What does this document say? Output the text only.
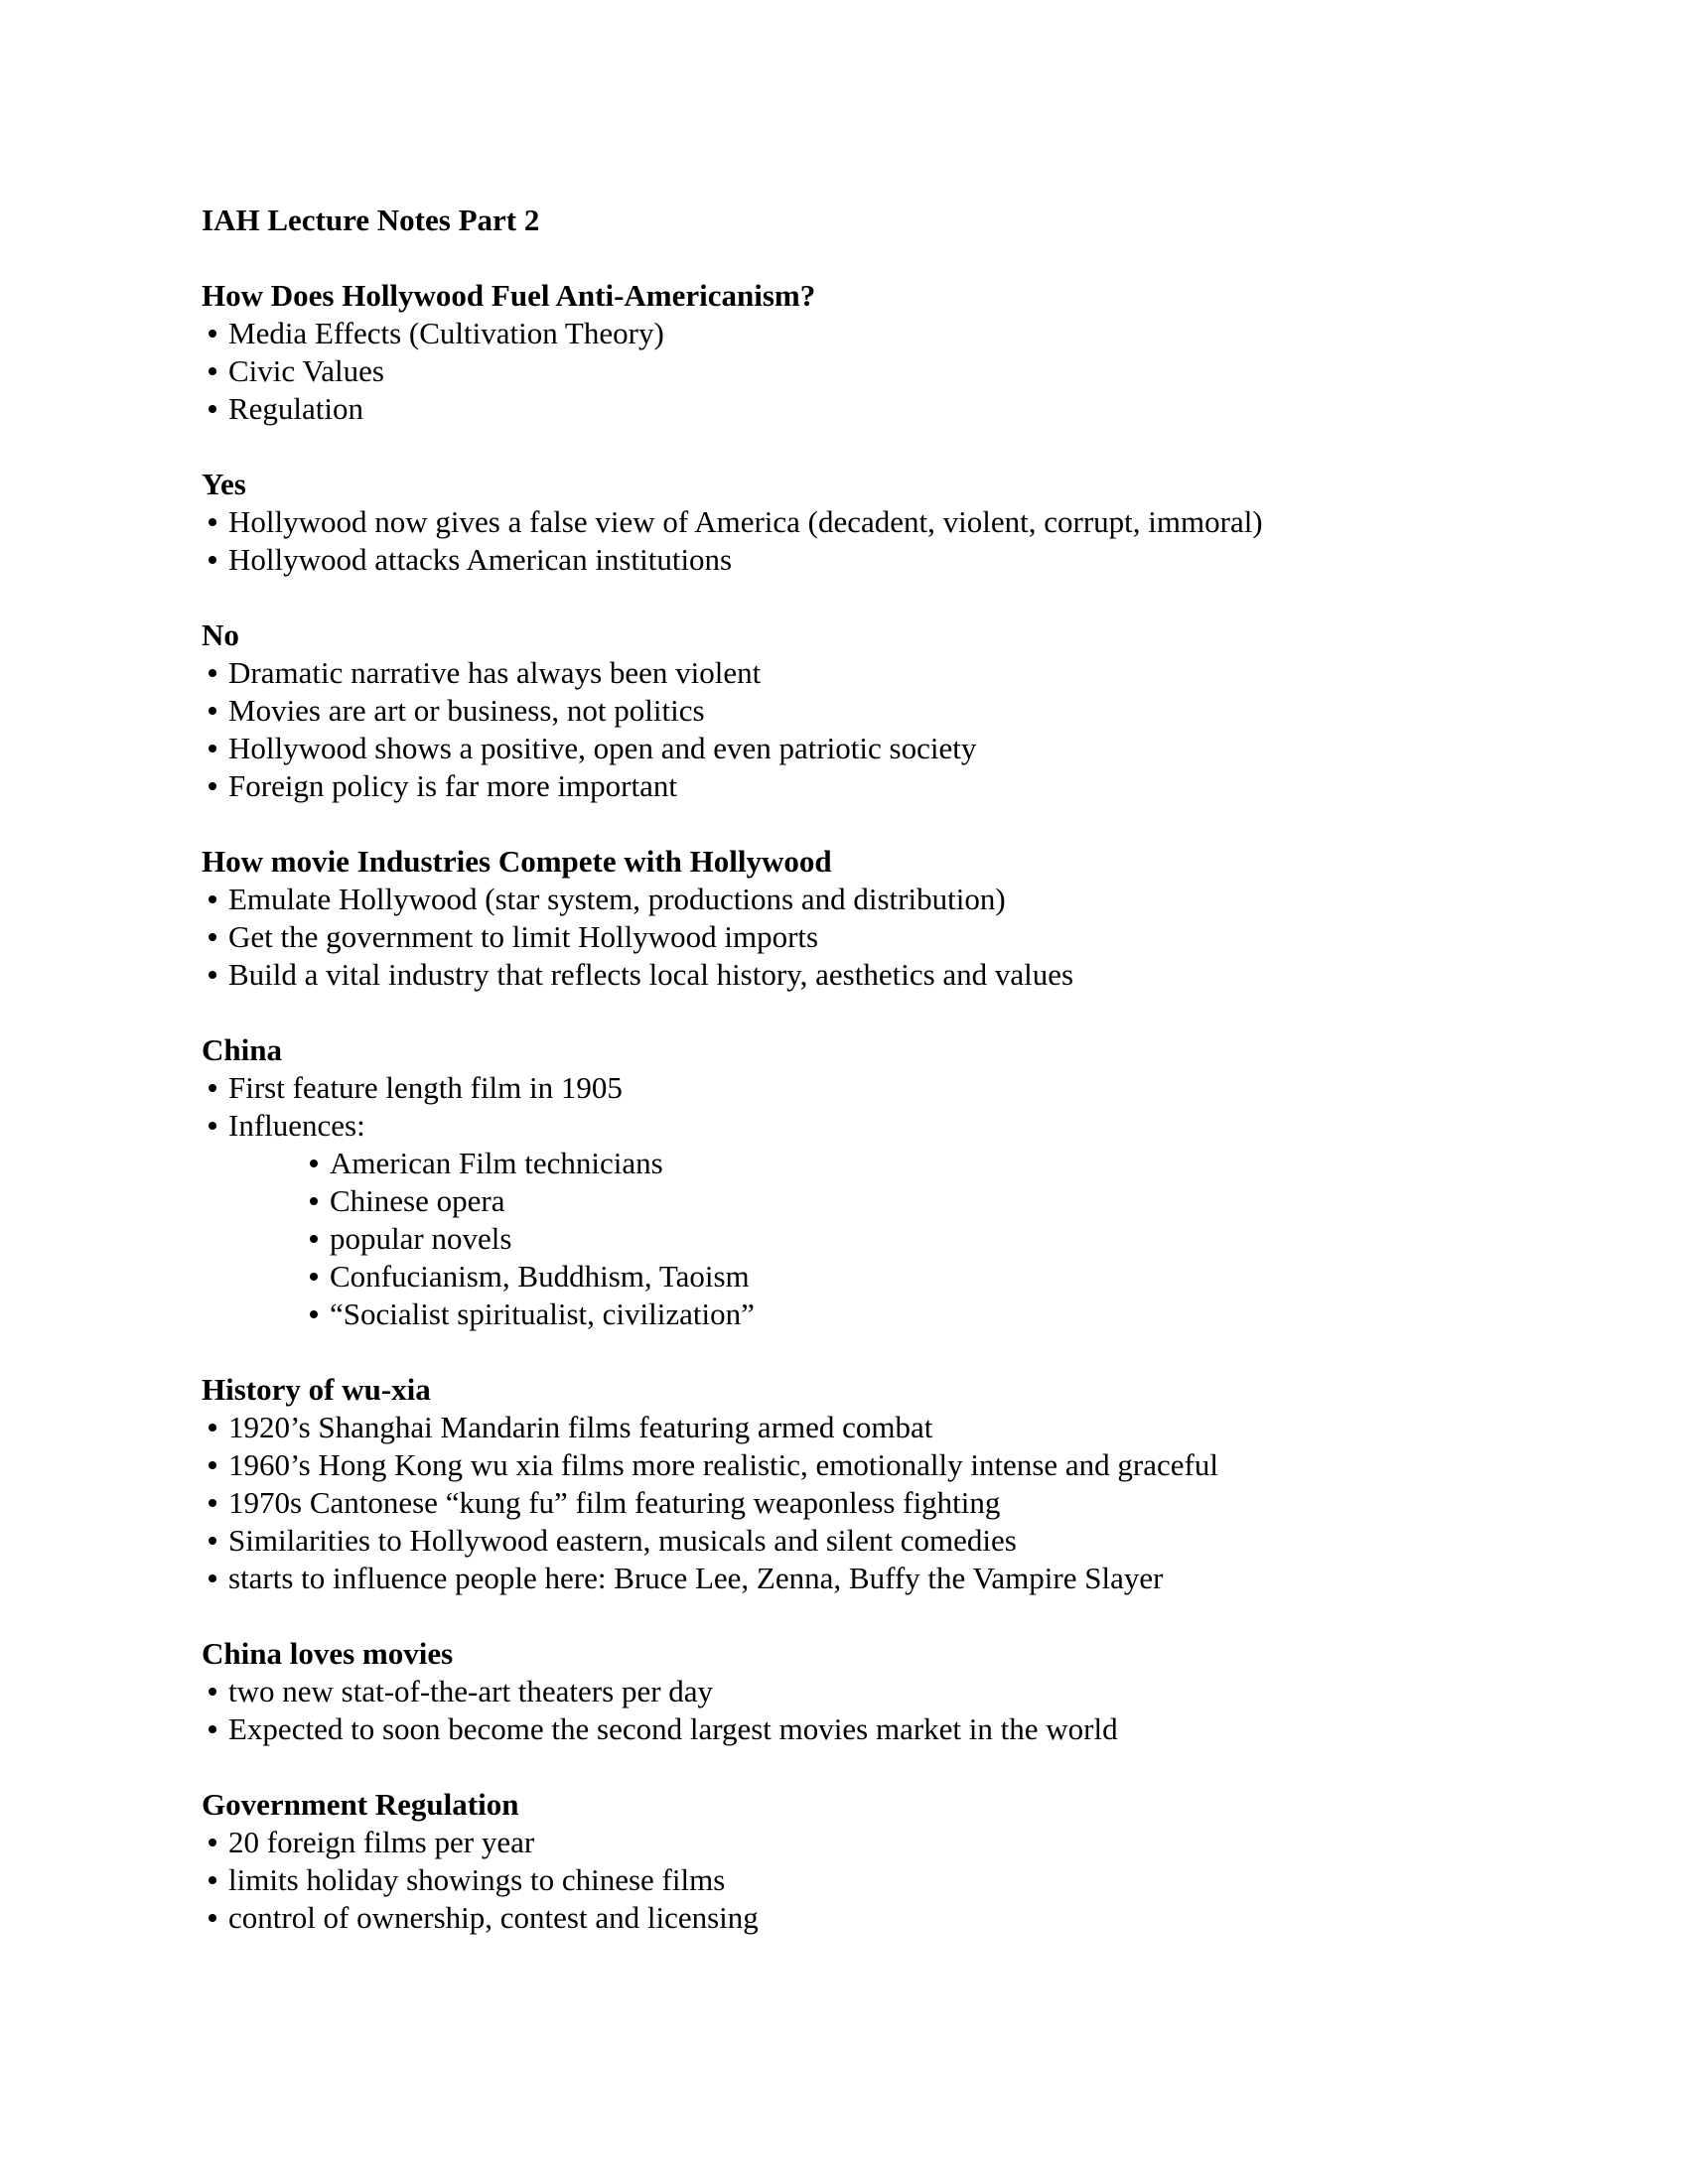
IAH Lecture Notes Part 2

How Does Hollywood Fuel Anti-Americanism?

Media Effects (Cultivation Theory)
Civic Values
Regulation

Yes

Hollywood now gives a false view of America (decadent, violent, corrupt, immoral)
Hollywood attacks American institutions

No

Dramatic narrative has always been violent
Movies are art or business, not politics
Hollywood shows a positive, open and even patriotic society
Foreign policy is far more important

How movie Industries Compete with Hollywood

Emulate Hollywood (star system, productions and distribution)
Get the government to limit Hollywood imports
Build a vital industry that reflects local history, aesthetics and values

China

First feature length film in 1905
Influences:
American Film technicians
Chinese opera
popular novels
Confucianism, Buddhism, Taoism
“Socialist spiritualist, civilization”

History of wu-xia

1920’s Shanghai Mandarin films featuring armed combat
1960’s Hong Kong wu xia films more realistic, emotionally intense and graceful
1970s Cantonese “kung fu” film featuring weaponless fighting
Similarities to Hollywood eastern, musicals and silent comedies
starts to influence people here: Bruce Lee, Zenna, Buffy the Vampire Slayer

China loves movies

two new stat-of-the-art theaters per day
Expected to soon become the second largest movies market in the world

Government Regulation

20 foreign films per year
limits holiday showings to chinese films
control of ownership, contest and licensing
